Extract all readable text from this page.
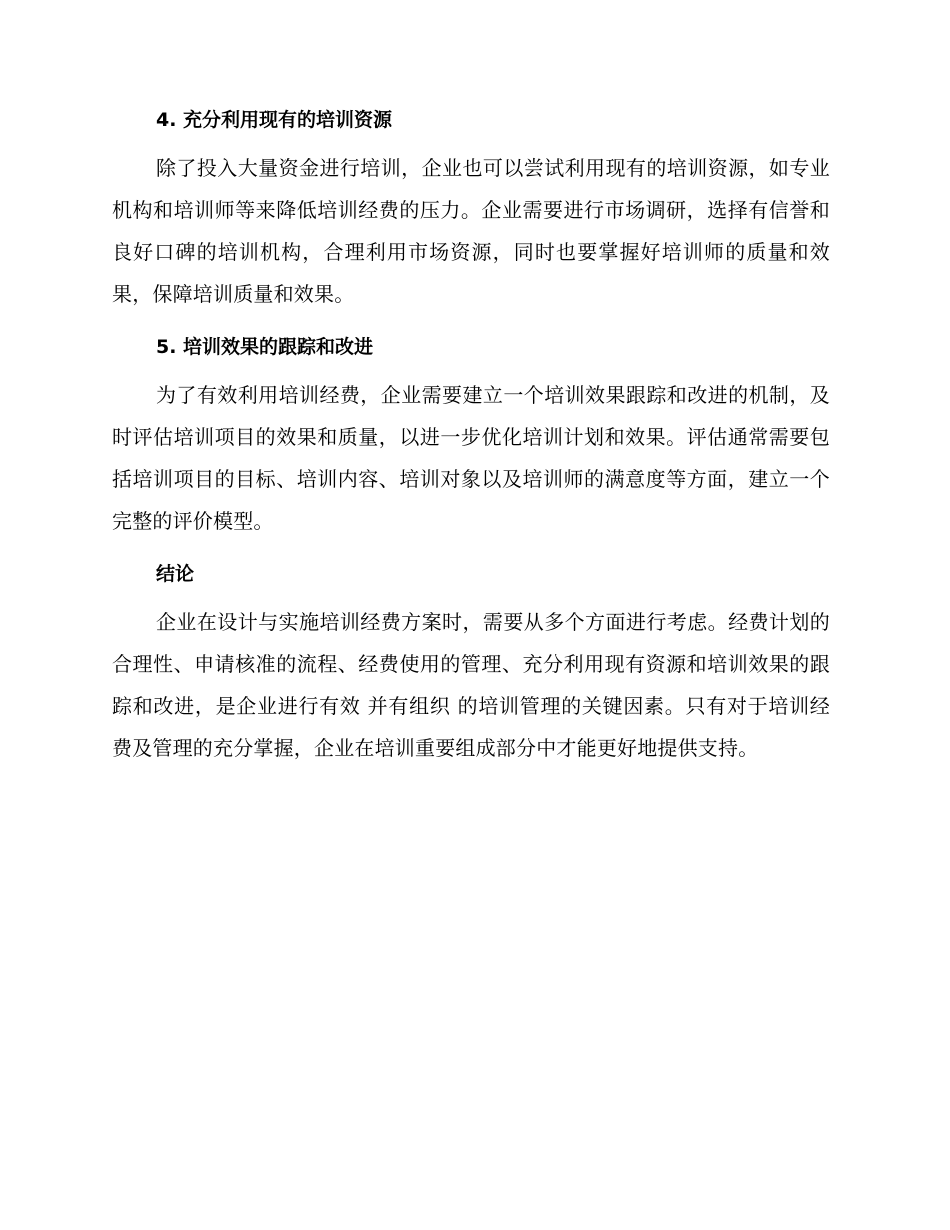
4. 充分利用现有的培训资源

除了投入大量资金进行培训，企业也可以尝试利用现有的培训资源，如专业机构和培训师等来降低培训经费的压力。企业需要进行市场调研，选择有信誉和良好口碑的培训机构，合理利用市场资源，同时也要掌握好培训师的质量和效果，保障培训质量和效果。

5. 培训效果的跟踪和改进

为了有效利用培训经费，企业需要建立一个培训效果跟踪和改进的机制，及时评估培训项目的效果和质量，以进一步优化培训计划和效果。评估通常需要包括培训项目的目标、培训内容、培训对象以及培训师的满意度等方面，建立一个完整的评价模型。

结论

企业在设计与实施培训经费方案时，需要从多个方面进行考虑。经费计划的合理性、申请核准的流程、经费使用的管理、充分利用现有资源和培训效果的跟踪和改进，是企业进行有效 并有组织 的培训管理的关键因素。只有对于培训经费及管理的充分掌握，企业在培训重要组成部分中才能更好地提供支持。
